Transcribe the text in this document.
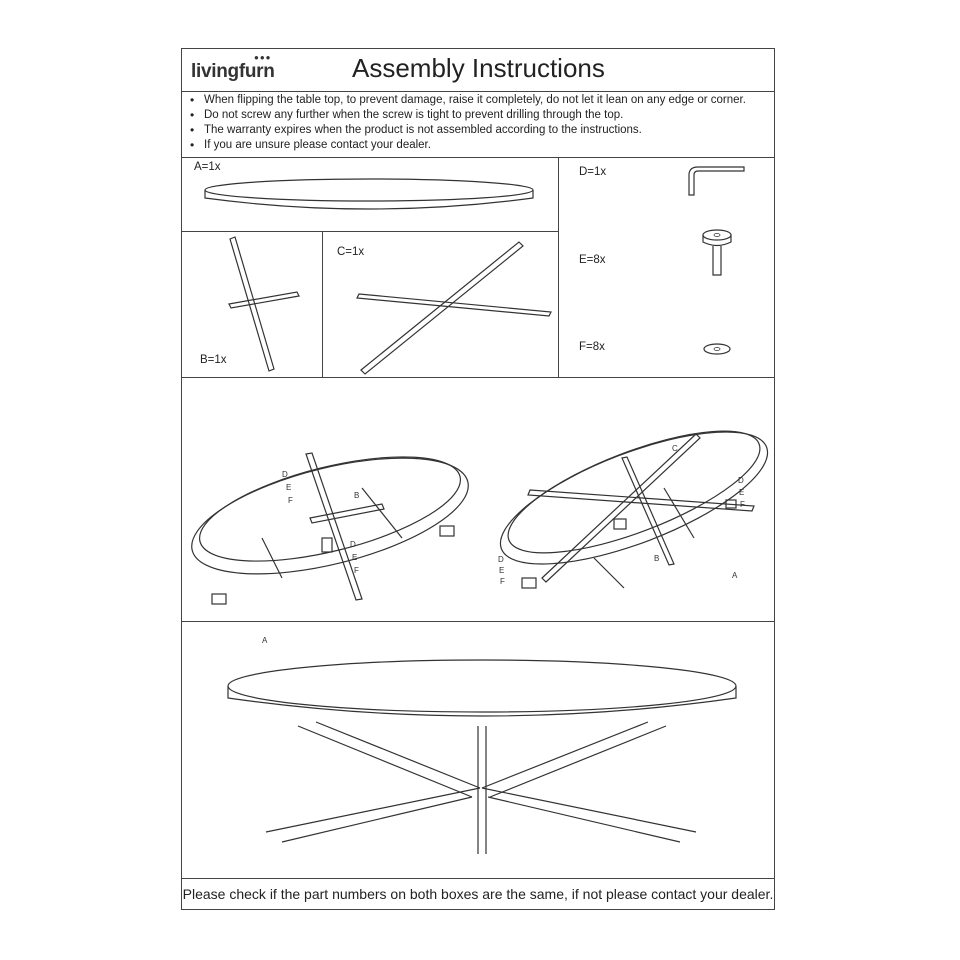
●●●
livingfurn	Assembly Instructions
• When flipping the table top, to prevent damage, raise it completely, do not let it lean on any edge or corner.
• Do not screw any further when the screw is tight to prevent drilling through the top.
• The warranty expires when the product is not assembled according to the instructions.
• If you are unsure please contact your dealer.
A=1x
B=1x
C=1x
D=1x
E=8x
F=8x
D
E
F
B
D
E
F
A
C
D
E
F
B
A
D
E
F
Please check if the part numbers on both boxes are the same, if not please contact your dealer.
